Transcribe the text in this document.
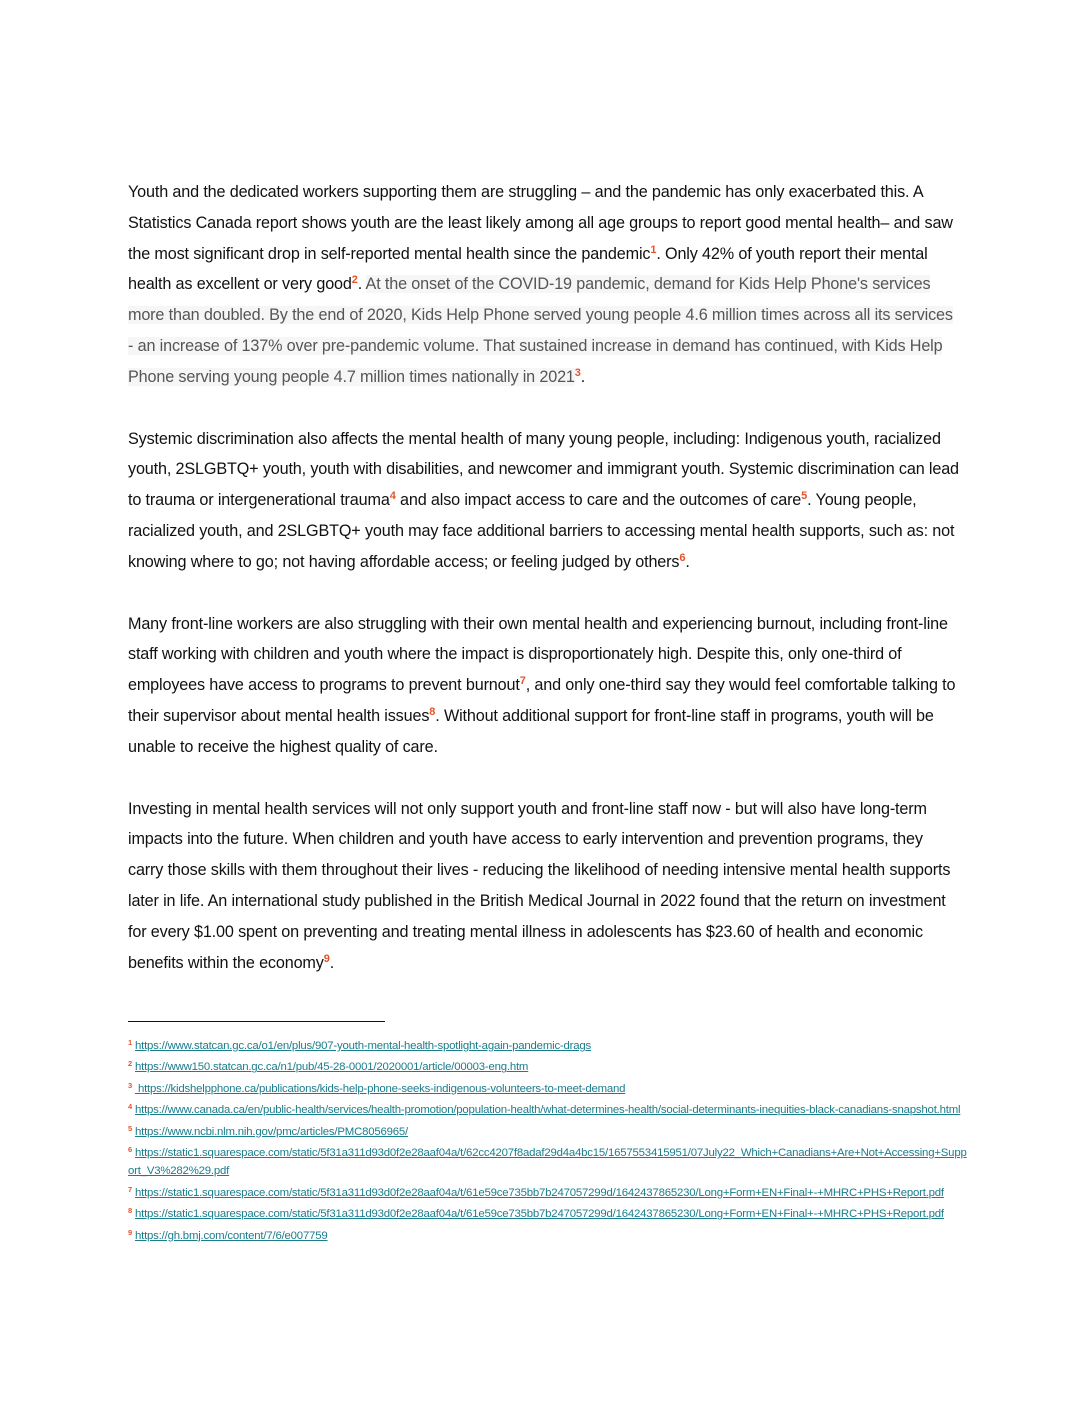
Youth and the dedicated workers supporting them are struggling – and the pandemic has only exacerbated this. A Statistics Canada report shows youth are the least likely among all age groups to report good mental health– and saw the most significant drop in self-reported mental health since the pandemic$^1$. Only 42% of youth report their mental health as excellent or very good$^2$. At the onset of the COVID-19 pandemic, demand for Kids Help Phone's services more than doubled. By the end of 2020, Kids Help Phone served young people 4.6 million times across all its services - an increase of 137% over pre-pandemic volume. That sustained increase in demand has continued, with Kids Help Phone serving young people 4.7 million times nationally in 2021$^3$.

Systemic discrimination also affects the mental health of many young people, including: Indigenous youth, racialized youth, 2SLGBTQ+ youth, youth with disabilities, and newcomer and immigrant youth. Systemic discrimination can lead to trauma or intergenerational trauma$^4$ and also impact access to care and the outcomes of care$^5$. Young people, racialized youth, and 2SLGBTQ+ youth may face additional barriers to accessing mental health supports, such as: not knowing where to go; not having affordable access; or feeling judged by others$^6$.

Many front-line workers are also struggling with their own mental health and experiencing burnout, including front-line staff working with children and youth where the impact is disproportionately high. Despite this, only one-third of employees have access to programs to prevent burnout$^7$, and only one-third say they would feel comfortable talking to their supervisor about mental health issues$^8$. Without additional support for front-line staff in programs, youth will be unable to receive the highest quality of care.

Investing in mental health services will not only support youth and front-line staff now - but will also have long-term impacts into the future. When children and youth have access to early intervention and prevention programs, they carry those skills with them throughout their lives - reducing the likelihood of needing intensive mental health supports later in life. An international study published in the British Medical Journal in 2022 found that the return on investment for every $1.00 spent on preventing and treating mental illness in adolescents has $23.60 of health and economic benefits within the economy$^9$.

$^1$ https://www.statcan.gc.ca/o1/en/plus/907-youth-mental-health-spotlight-again-pandemic-drags
$^2$ https://www150.statcan.gc.ca/n1/pub/45-28-0001/2020001/article/00003-eng.htm
$^3$ https://kidshelpphone.ca/publications/kids-help-phone-seeks-indigenous-volunteers-to-meet-demand
$^4$ https://www.canada.ca/en/public-health/services/health-promotion/population-health/what-determines-health/social-determinants-inequities-black-canadians-snapshot.html
$^5$ https://www.ncbi.nlm.nih.gov/pmc/articles/PMC8056965/
$^6$ https://static1.squarespace.com/static/5f31a311d93d0f2e28aaf04a/t/62cc4207f8adaf29d4a4bc15/1657553415951/07July22_Which+Canadians+Are+Not+Accessing+Support_V3%282%29.pdf
$^7$ https://static1.squarespace.com/static/5f31a311d93d0f2e28aaf04a/t/61e59ce735bb7b247057299d/1642437865230/Long+Form+EN+Final+-+MHRC+PHS+Report.pdf
$^8$ https://static1.squarespace.com/static/5f31a311d93d0f2e28aaf04a/t/61e59ce735bb7b247057299d/1642437865230/Long+Form+EN+Final+-+MHRC+PHS+Report.pdf
$^9$ https://gh.bmj.com/content/7/6/e007759
